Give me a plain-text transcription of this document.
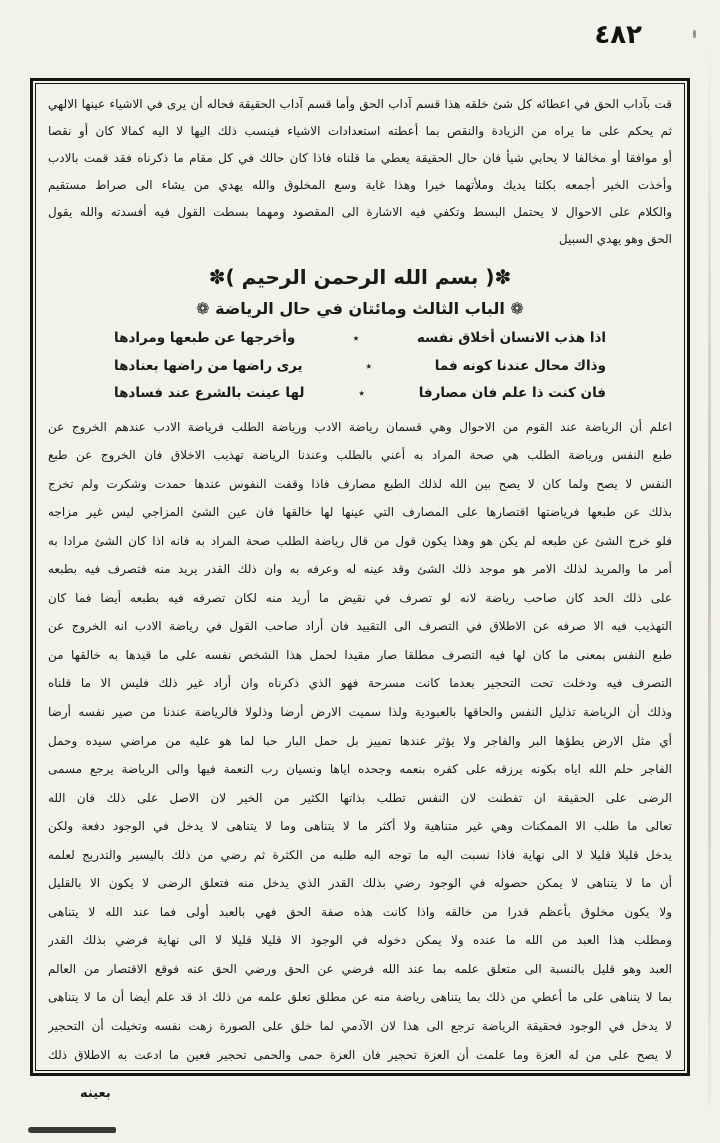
٤٨٢
قت بآداب الحق في اعطائه كل شئ خلقه هذا قسم آداب الحق وأما قسم آداب الحقيقة فحاله أن يرى في الاشياء عينها الالهي
ثم يحكم على ما يراه من الزيادة والنقص بما أعطته استعدادات الاشياء فينسب ذلك اليها لا اليه كمالا كان أو نقصا
أو موافقا أو مخالفا لا يحابي شيأ فان حال الحقيقة يعطي ما قلناه فاذا كان حالك في كل مقام ما ذكرناه فقد قمت بالادب
وأخذت الخير أجمعه بكلتا يديك وملأتهما خيرا وهذا غاية وسع المخلوق والله يهدي من يشاء الى صراط مستقيم
والكلام على الاحوال لا يحتمل البسط وتكفي فيه الاشارة الى المقصود ومهما بسطت القول فيه أفسدته والله يقول
الحق وهو يهدي السبيل
✽( بسم الله الرحمن الرحيم )✽
❁ الباب الثالث ومائتان في حال الرياضة ❁
اذا هذب الانسان أخلاق نفسه
٭
وأخرجها عن طبعها ومرادها
وذاك محال عندنا كونه فما
٭
يرى راضها من راضها بعنادها
فان كنت ذا علم فان مصارفا
٭
لها عينت بالشرع عند فسادها
اعلم أن الرياضة عند القوم من الاحوال وهي قسمان رياضة الادب ورياضة الطلب فرياضة الادب عندهم الخروج عن
طبع النفس ورياضة الطلب هي صحة المراد به أعني بالطلب وعندنا الرياضة تهذيب الاخلاق فان الخروج عن طبع
النفس لا يصح ولما كان لا يصح بين الله لذلك الطبع مصارف فاذا وقفت النفوس عندها حمدت وشكرت ولم تخرج
بذلك عن طبعها فرياضتها اقتصارها على المصارف التي عينها لها خالقها فان عين الشئ المزاجي ليس غير مزاجه
فلو خرج الشئ عن طبعه لم يكن هو وهذا يكون قول من قال رياضة الطلب صحة المراد به فانه اذا كان الشئ مرادا به
أمر ما والمريد لذلك الامر هو موجد ذلك الشئ وقد عينه له وعرفه به وان ذلك القدر يريد منه فتصرف فيه بطبعه
على ذلك الحد كان صاحب رياضة لانه لو تصرف في نقيض ما أريد منه لكان تصرفه فيه بطبعه أيضا فما كان
التهذيب فيه الا صرفه عن الاطلاق في التصرف الى التقييد فان أراد صاحب القول في رياضة الادب انه الخروج عن
طبع النفس بمعنى ما كان لها فيه التصرف مطلقا صار مقيدا لحمل هذا الشخص نفسه على ما قيدها به خالقها من
التصرف فيه ودخلت تحت التحجير بعدما كانت مسرحة فهو الذي ذكرناه وان أراد غير ذلك فليس الا ما قلناه
وذلك أن الرياضة تذليل النفس والحاقها بالعبودية ولذا سميت الارض أرضا وذلولا فالرياضة عندنا من صير نفسه أرضا
أي مثل الارض يطؤها البر والفاجر ولا يؤثر عندها تمييز بل حمل البار حبا لما هو عليه من مراضي سيده وحمل
الفاجر حلم الله اياه بكونه يرزقه على كفره بنعمه وجحده اياها ونسيان رب النعمة فيها والى الرياضة يرجع مسمى
الرضى على الحقيقة ان تفطنت لان النفس تطلب بذاتها الكثير من الخير لان الاصل على ذلك فان الله
تعالى ما طلب الا الممكنات وهي غير متناهية ولا أكثر ما لا يتناهى وما لا يتناهى لا يدخل في الوجود دفعة ولكن
يدخل قليلا قليلا لا الى نهاية فاذا نسبت اليه ما توجه اليه طلبه من الكثرة ثم رضي من ذلك باليسير والتدريج لعلمه
أن ما لا يتناهى لا يمكن حصوله في الوجود رضي بذلك القدر الذي يدخل منه فتعلق الرضى لا يكون الا بالقليل
ولا يكون مخلوق بأعظم قدرا من خالقه واذا كانت هذه صفة الحق فهي بالعبد أولى فما عند الله لا يتناهى
ومطلب هذا العبد من الله ما عنده ولا يمكن دخوله في الوجود الا قليلا قليلا لا الى نهاية فرضي بذلك القدر
العبد وهو قليل بالنسبة الى متعلق علمه بما عند الله فرضي عن الحق ورضي الحق عنه فوقع الاقتصار من العالم
بما لا يتناهى على ما أعطي من ذلك بما يتناهى رياضة منه عن مطلق تعلق علمه من ذلك اذ قد علم أيضا أن ما لا يتناهى
لا يدخل في الوجود فحقيقة الرياضة ترجع الى هذا لان الآدمي لما خلق على الصورة زهت نفسه وتخيلت أن التحجير
لا يصح على من له العزة وما علمت أن العزة تحجير فان العزة حمى والحمى تحجير فعين ما ادعت به الاطلاق ذلك
بعينه
